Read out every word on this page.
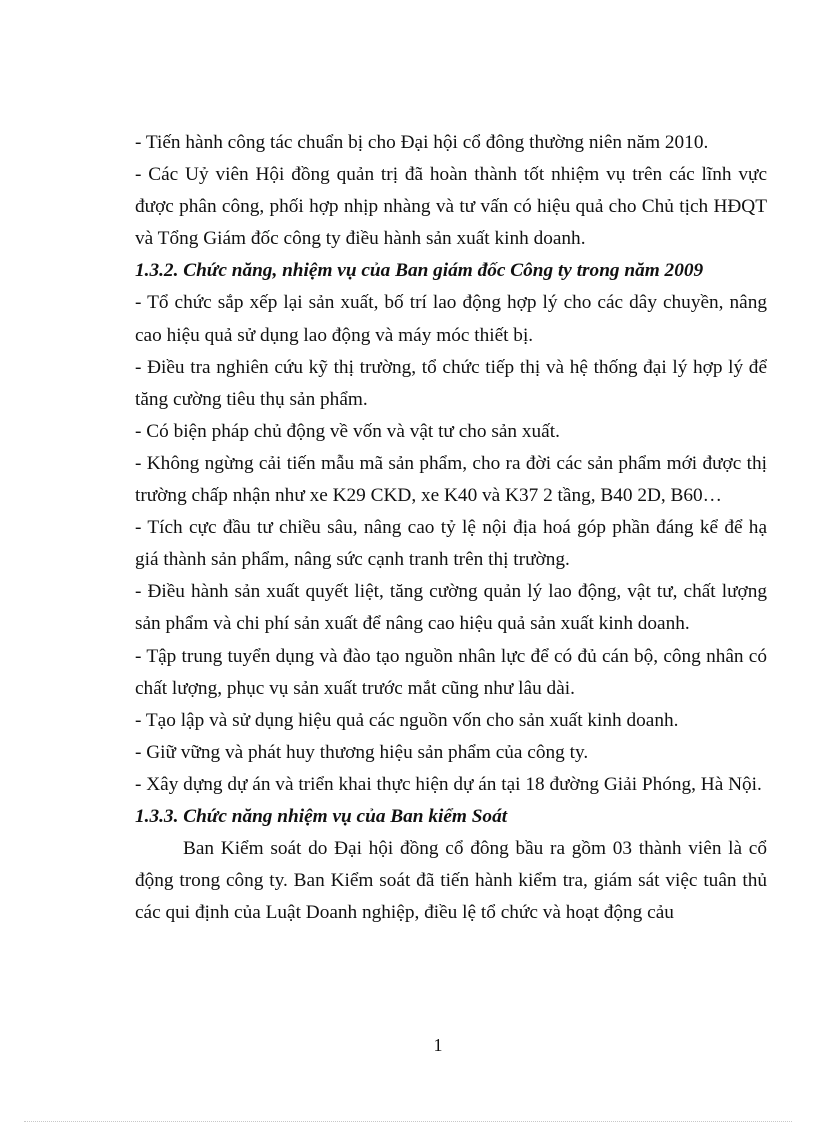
- Tiến hành công tác chuẩn bị cho Đại hội cổ đông thường niên năm 2010.

- Các Uỷ viên Hội đồng quản trị đã hoàn thành tốt nhiệm vụ trên các lĩnh vực được phân công, phối hợp nhịp nhàng và tư vấn có hiệu quả cho Chủ tịch HĐQT và Tổng Giám đốc công ty điều hành sản xuất kinh doanh.

1.3.2. Chức năng, nhiệm vụ của Ban giám đốc Công ty trong năm 2009

- Tổ chức sắp xếp lại sản xuất, bố trí lao động hợp lý cho các dây chuyền, nâng cao hiệu quả sử dụng lao động và máy móc thiết bị.

- Điều tra nghiên cứu kỹ thị trường, tổ chức tiếp thị và hệ thống đại lý hợp lý để tăng cường tiêu thụ sản phẩm.

- Có biện pháp chủ động về vốn và vật tư cho sản xuất.

- Không ngừng cải tiến mẫu mã sản phẩm, cho ra đời các sản phẩm mới được thị trường chấp nhận như xe K29 CKD, xe K40 và K37 2 tầng, B40 2D, B60…

- Tích cực đầu tư chiều sâu, nâng cao tỷ lệ nội địa hoá góp phần đáng kể để hạ giá thành sản phẩm, nâng sức cạnh tranh trên thị trường.

- Điều hành sản xuất quyết liệt, tăng cường quản lý lao động, vật tư, chất lượng sản phẩm và chi phí sản xuất để nâng cao hiệu quả sản xuất kinh doanh.

- Tập trung tuyển dụng và đào tạo nguồn nhân lực để có đủ cán bộ, công nhân có chất lượng, phục vụ sản xuất trước mắt cũng như lâu dài.

- Tạo lập và sử dụng hiệu quả các nguồn vốn cho sản xuất kinh doanh.

- Giữ vững và phát huy thương hiệu sản phẩm của công ty.

- Xây dựng dự án và triển khai thực hiện dự án tại 18 đường Giải Phóng, Hà Nội.

1.3.3. Chức năng nhiệm vụ của Ban kiểm Soát

Ban Kiểm soát do Đại hội đồng cổ đông bầu ra gồm 03 thành viên là cổ động trong công ty. Ban Kiểm soát đã tiến hành kiểm tra, giám sát việc tuân thủ các qui định của Luật Doanh nghiệp, điều lệ tổ chức và hoạt động cảu

1
